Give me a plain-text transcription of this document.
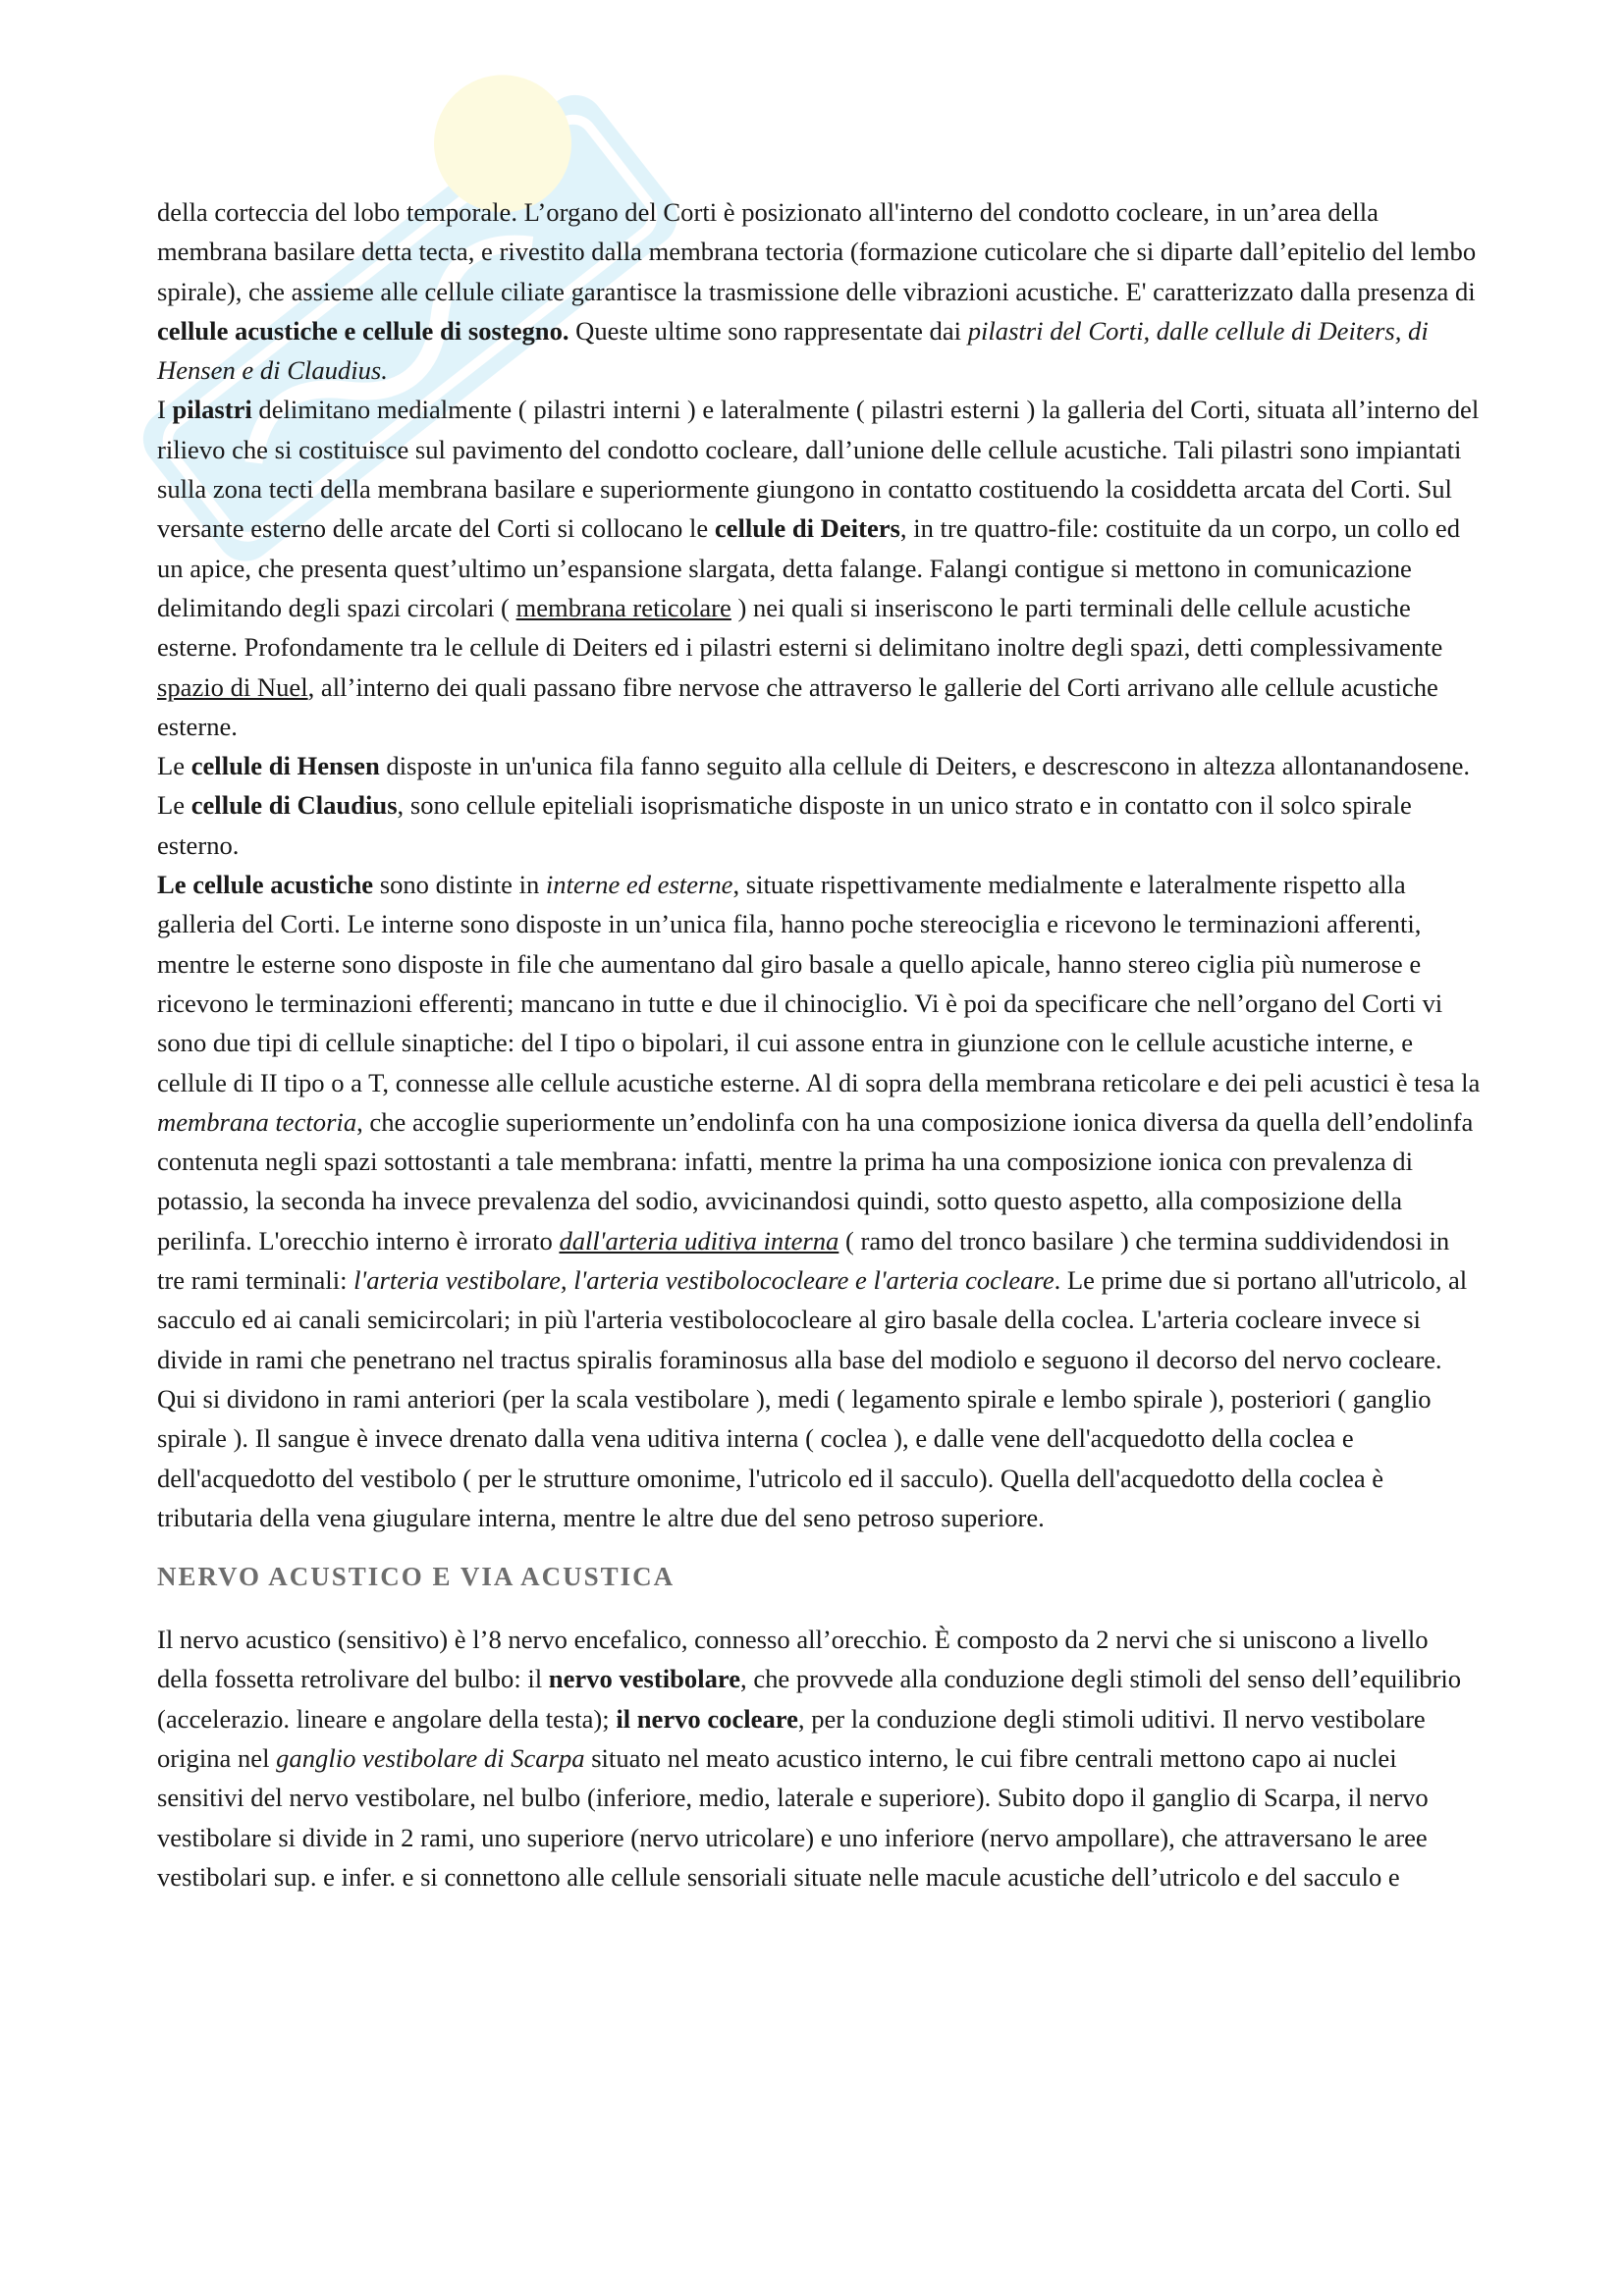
della corteccia del lobo temporale. L’organo del Corti è posizionato all'interno del condotto cocleare, in un’area della membrana basilare detta tecta, e rivestito dalla membrana tectoria (formazione cuticolare che si diparte dall’epitelio del lembo spirale), che assieme alle cellule ciliate garantisce la trasmissione delle vibrazioni acustiche. E' caratterizzato dalla presenza di cellule acustiche e cellule di sostegno. Queste ultime sono rappresentate dai pilastri del Corti, dalle cellule di Deiters, di Hensen e di Claudius.

I pilastri delimitano medialmente ( pilastri interni ) e lateralmente ( pilastri esterni ) la galleria del Corti, situata all’interno del rilievo che si costituisce sul pavimento del condotto cocleare, dall’unione delle cellule acustiche. Tali pilastri sono impiantati sulla zona tecti della membrana basilare e superiormente giungono in contatto costituendo la cosiddetta arcata del Corti. Sul versante esterno delle arcate del Corti si collocano le cellule di Deiters, in tre quattro-file: costituite da un corpo, un collo ed un apice, che presenta quest’ultimo un’espansione slargata, detta falange. Falangi contigue si mettono in comunicazione delimitando degli spazi circolari ( membrana reticolare ) nei quali si inseriscono le parti terminali delle cellule acustiche esterne. Profondamente tra le cellule di Deiters ed i pilastri esterni si delimitano inoltre degli spazi, detti complessivamente spazio di Nuel, all’interno dei quali passano fibre nervose che attraverso le gallerie del Corti arrivano alle cellule acustiche esterne.

Le cellule di Hensen disposte in un'unica fila fanno seguito alla cellule di Deiters, e descrescono in altezza allontanandosene.

Le cellule di Claudius, sono cellule epiteliali isoprismatiche disposte in un unico strato e in contatto con il solco spirale esterno.

Le cellule acustiche sono distinte in interne ed esterne, situate rispettivamente medialmente e lateralmente rispetto alla galleria del Corti. Le interne sono disposte in un’unica fila, hanno poche stereociglia e ricevono le terminazioni afferenti, mentre le esterne sono disposte in file che aumentano dal giro basale a quello apicale, hanno stereo ciglia più numerose e ricevono le terminazioni efferenti; mancano in tutte e due il chinociglio. Vi è poi da specificare che nell’organo del Corti vi sono due tipi di cellule sinaptiche: del I tipo o bipolari, il cui assone entra in giunzione con le cellule acustiche interne, e cellule di II tipo o a T, connesse alle cellule acustiche esterne. Al di sopra della membrana reticolare e dei peli acustici è tesa la membrana tectoria, che accoglie superiormente un’endolinfa con ha una composizione ionica diversa da quella dell’endolinfa contenuta negli spazi sottostanti a tale membrana: infatti, mentre la prima ha una composizione ionica con prevalenza di potassio, la seconda ha invece prevalenza del sodio, avvicinandosi quindi, sotto questo aspetto, alla composizione della perilinfa. L'orecchio interno è irrorato dall'arteria uditiva interna ( ramo del tronco basilare ) che termina suddividendosi in tre rami terminali: l'arteria vestibolare, l'arteria vestibolococleare e l'arteria cocleare. Le prime due si portano all'utricolo, al sacculo ed ai canali semicircolari; in più l'arteria vestibolococleare al giro basale della coclea. L'arteria cocleare invece si divide in rami che penetrano nel tractus spiralis foraminosus alla base del modiolo e seguono il decorso del nervo cocleare. Qui si dividono in rami anteriori (per la scala vestibolare ), medi ( legamento spirale e lembo spirale ), posteriori ( ganglio spirale ). Il sangue è invece drenato dalla vena uditiva interna ( coclea ), e dalle vene dell'acquedotto della coclea e dell'acquedotto del vestibolo ( per le strutture omonime, l'utricolo ed il sacculo). Quella dell'acquedotto della coclea è tributaria della vena giugulare interna, mentre le altre due del seno petroso superiore.

NERVO ACUSTICO E VIA ACUSTICA

Il nervo acustico (sensitivo) è l’8 nervo encefalico, connesso all’orecchio. È composto da 2 nervi che si uniscono a livello della fossetta retrolivare del bulbo: il nervo vestibolare, che provvede alla conduzione degli stimoli del senso dell’equilibrio (accelerazio. lineare e angolare della testa); il nervo cocleare, per la conduzione degli stimoli uditivi. Il nervo vestibolare origina nel ganglio vestibolare di Scarpa situato nel meato acustico interno, le cui fibre centrali mettono capo ai nuclei sensitivi del nervo vestibolare, nel bulbo (inferiore, medio, laterale e superiore). Subito dopo il ganglio di Scarpa, il nervo vestibolare si divide in 2 rami, uno superiore (nervo utricolare) e uno inferiore (nervo ampollare), che attraversano le aree vestibolari sup. e infer. e si connettono alle cellule sensoriali situate nelle macule acustiche dell’utricolo e del sacculo e
